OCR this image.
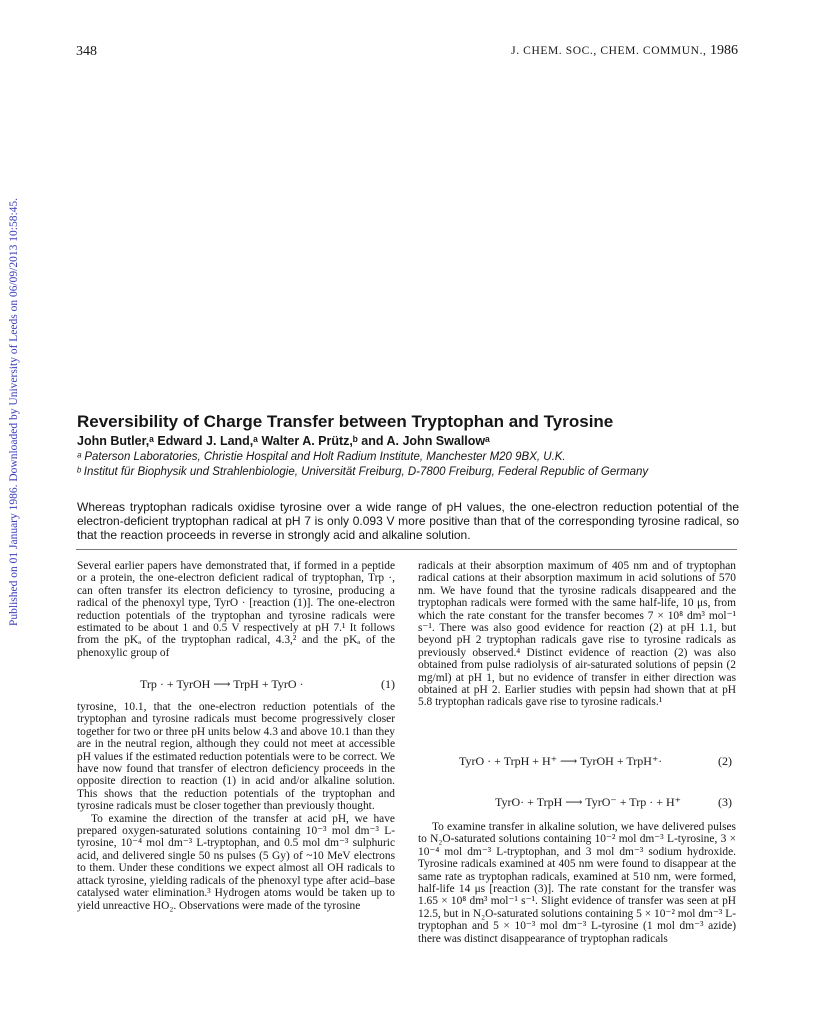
348	J. CHEM. SOC., CHEM. COMMUN., 1986
Published on 01 January 1986. Downloaded by University of Leeds on 06/09/2013 10:58:45.	Reversibility of Charge Transfer between Tryptophan and Tyrosine
John Butler,ᵃ Edward J. Land,ᵃ Walter A. Prütz,ᵇ and A. John Swallowᵃ
ᵃ Paterson Laboratories, Christie Hospital and Holt Radium Institute, Manchester M20 9BX, U.K.
ᵇ Institut für Biophysik und Strahlenbiologie, Universität Freiburg, D-7800 Freiburg, Federal Republic of Germany
Whereas tryptophan radicals oxidise tyrosine over a wide range of pH values, the one-electron reduction potential of the electron-deficient tryptophan radical at pH 7 is only 0.093 V more positive than that of the corresponding tyrosine radical, so that the reaction proceeds in reverse in strongly acid and alkaline solution.

Several earlier papers have demonstrated that, if formed in a peptide or a protein, the one-electron deficient radical of tryptophan, Trp ·, can often transfer its electron deficiency to tyrosine, producing a radical of the phenoxyl type, TyrO · [reaction (1)]. The one-electron reduction potentials of the tryptophan and tyrosine radicals were estimated to be about 1 and 0.5 V respectively at pH 7.¹ It follows from the pKₐ of the tryptophan radical, 4.3,² and the pKₐ of the phenoxylic group of

Trp · + TyrOH ⟶ TrpH + TyrO ·	(1)

tyrosine, 10.1, that the one-electron reduction potentials of the tryptophan and tyrosine radicals must become progressively closer together for two or three pH units below 4.3 and above 10.1 than they are in the neutral region, although they could not meet at accessible pH values if the estimated reduction potentials were to be correct. We have now found that transfer of electron deficiency proceeds in the opposite direction to reaction (1) in acid and/or alkaline solution. This shows that the reduction potentials of the tryptophan and tyrosine radicals must be closer together than previously thought.

To examine the direction of the transfer at acid pH, we have prepared oxygen-saturated solutions containing 10⁻³ mol dm⁻³ L-tyrosine, 10⁻⁴ mol dm⁻³ L-tryptophan, and 0.5 mol dm⁻³ sulphuric acid, and delivered single 50 ns pulses (5 Gy) of ~10 MeV electrons to them. Under these conditions we expect almost all OH radicals to attack tyrosine, yielding radicals of the phenoxyl type after acid–base catalysed water elimination.³ Hydrogen atoms would be taken up to yield unreactive HO₂. Observations were made of the tyrosine

radicals at their absorption maximum of 405 nm and of tryptophan radical cations at their absorption maximum in acid solutions of 570 nm. We have found that the tyrosine radicals disappeared and the tryptophan radicals were formed with the same half-life, 10 μs, from which the rate constant for the transfer becomes 7 × 10⁸ dm³ mol⁻¹ s⁻¹. There was also good evidence for reaction (2) at pH 1.1, but beyond pH 2 tryptophan radicals gave rise to tyrosine radicals as previously observed.⁴ Distinct evidence of reaction (2) was also obtained from pulse radiolysis of air-saturated solutions of pepsin (2 mg/ml) at pH 1, but no evidence of transfer in either direction was obtained at pH 2. Earlier studies with pepsin had shown that at pH 5.8 tryptophan radicals gave rise to tyrosine radicals.¹

TyrO · + TrpH + H⁺ ⟶ TyrOH + TrpH⁺·	(2)
TyrO· + TrpH ⟶ TyrO⁻ + Trp · + H⁺	(3)

To examine transfer in alkaline solution, we have delivered pulses to N₂O-saturated solutions containing 10⁻² mol dm⁻³ L-tyrosine, 3 × 10⁻⁴ mol dm⁻³ L-tryptophan, and 3 mol dm⁻³ sodium hydroxide. Tyrosine radicals examined at 405 nm were found to disappear at the same rate as tryptophan radicals, examined at 510 nm, were formed, half-life 14 μs [reaction (3)]. The rate constant for the transfer was 1.65 × 10⁸ dm³ mol⁻¹ s⁻¹. Slight evidence of transfer was seen at pH 12.5, but in N₂O-saturated solutions containing 5 × 10⁻² mol dm⁻³ L-tryptophan and 5 × 10⁻³ mol dm⁻³ L-tyrosine (1 mol dm⁻³ azide) there was distinct disappearance of tryptophan radicals
